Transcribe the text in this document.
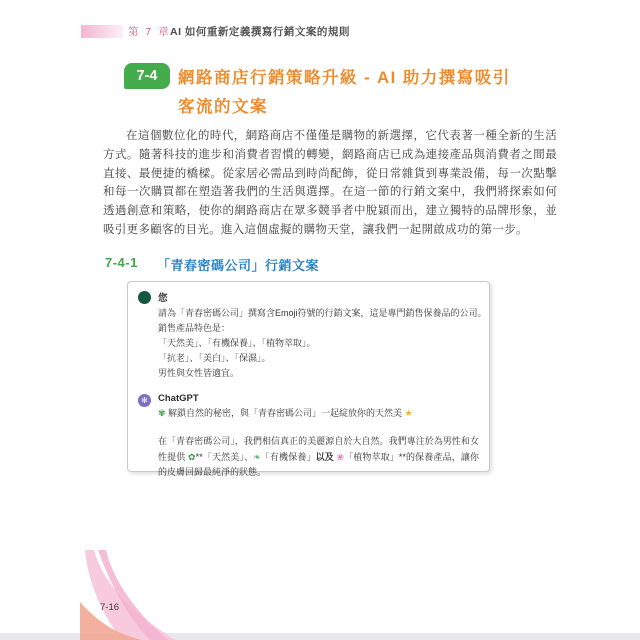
第 7 章 AI 如何重新定義撰寫行銷文案的規則
7-4	網路商店行銷策略升級 - AI 助力撰寫吸引
客流的文案
在這個數位化的時代，網路商店不僅僅是購物的新選擇，它代表著一種全新的生活方式。隨著科技的進步和消費者習慣的轉變，網路商店已成為連接產品與消費者之間最直接、最便捷的橋樑。從家居必需品到時尚配飾，從日常雜貨到專業設備，每一次點擊和每一次購買都在塑造著我們的生活與選擇。在這一節的行銷文案中，我們將探索如何透過創意和策略，使你的網路商店在眾多競爭者中脫穎而出，建立獨特的品牌形象，並吸引更多顧客的目光。進入這個虛擬的購物天堂，讓我們一起開啟成功的第一步。
7-4-1 「青春密碼公司」行銷文案
您
請為「青春密碼公司」撰寫含Emoji符號的行銷文案，這是專門銷售保養品的公司。
銷售產品特色是：
「天然美」、「有機保養」、「植物萃取」。
「抗老」、「美白」、「保濕」。
男性與女性皆適宜。
✻ ChatGPT
✾ 解鎖自然的秘密，與「青春密碼公司」一起綻放你的天然美 ★
在「青春密碼公司」，我們相信真正的美麗源自於大自然。我們專注於為男性和女性提供 ✿**「天然美」、❧「有機保養」以及 ❀「植物萃取」**的保養產品，讓你的皮膚回歸最純淨的狀態。
7-16
